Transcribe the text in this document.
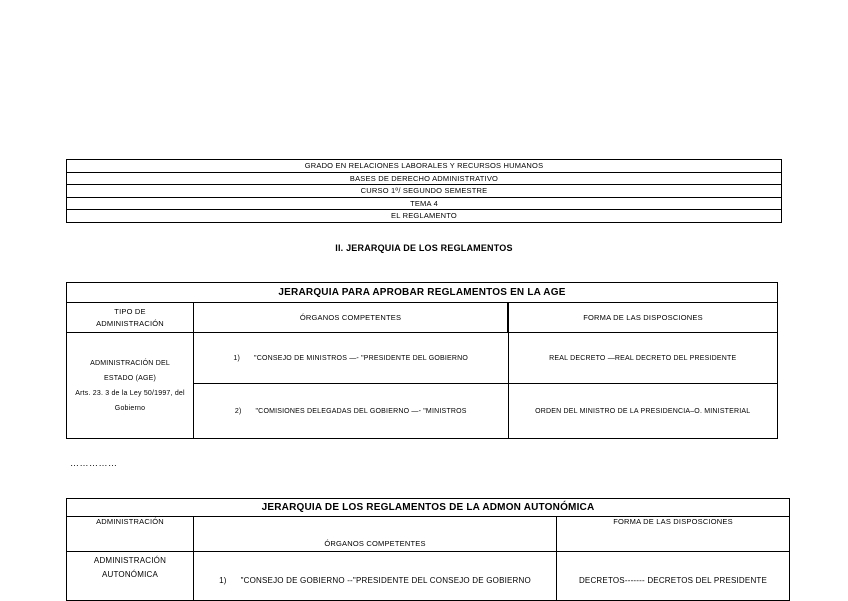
GRADO EN RELACIONES LABORALES Y RECURSOS HUMANOS
BASES DE DERECHO ADMINISTRATIVO
CURSO 1º/ SEGUNDO SEMESTRE
TEMA 4
EL REGLAMENTO
II. JERARQUIA DE LOS REGLAMENTOS
JERARQUIA PARA APROBAR REGLAMENTOS EN LA AGE		
TIPO DE ADMINISTRACIÓN	ÓRGANOS COMPETENTES	FORMA DE LAS DISPOSCIONES

ADMINISTRACIÓN DEL ESTADO (AGE)
Arts. 23. 3 de la Ley 50/1997, del Gobierno	1) "CONSEJO DE MINISTROS —- "PRESIDENTE DEL GOBIERNO	REAL DECRETO —REAL DECRETO DEL PRESIDENTE
	2) "COMISIONES DELEGADAS DEL GOBIERNO —- "MINISTROS	ORDEN DEL MINISTRO DE LA PRESIDENCIA–O. MINISTERIAL
……………
JERARQUIA DE LOS REGLAMENTOS DE LA ADMON AUTONÓMICA		
ADMINISTRACIÓN	ÓRGANOS COMPETENTES	FORMA DE LAS DISPOSCIONES

ADMINISTRACIÓN AUTONÓMICA	1) "CONSEJO DE GOBIERNO --"PRESIDENTE DEL CONSEJO DE GOBIERNO	DECRETOS------- DECRETOS DEL PRESIDENTE
